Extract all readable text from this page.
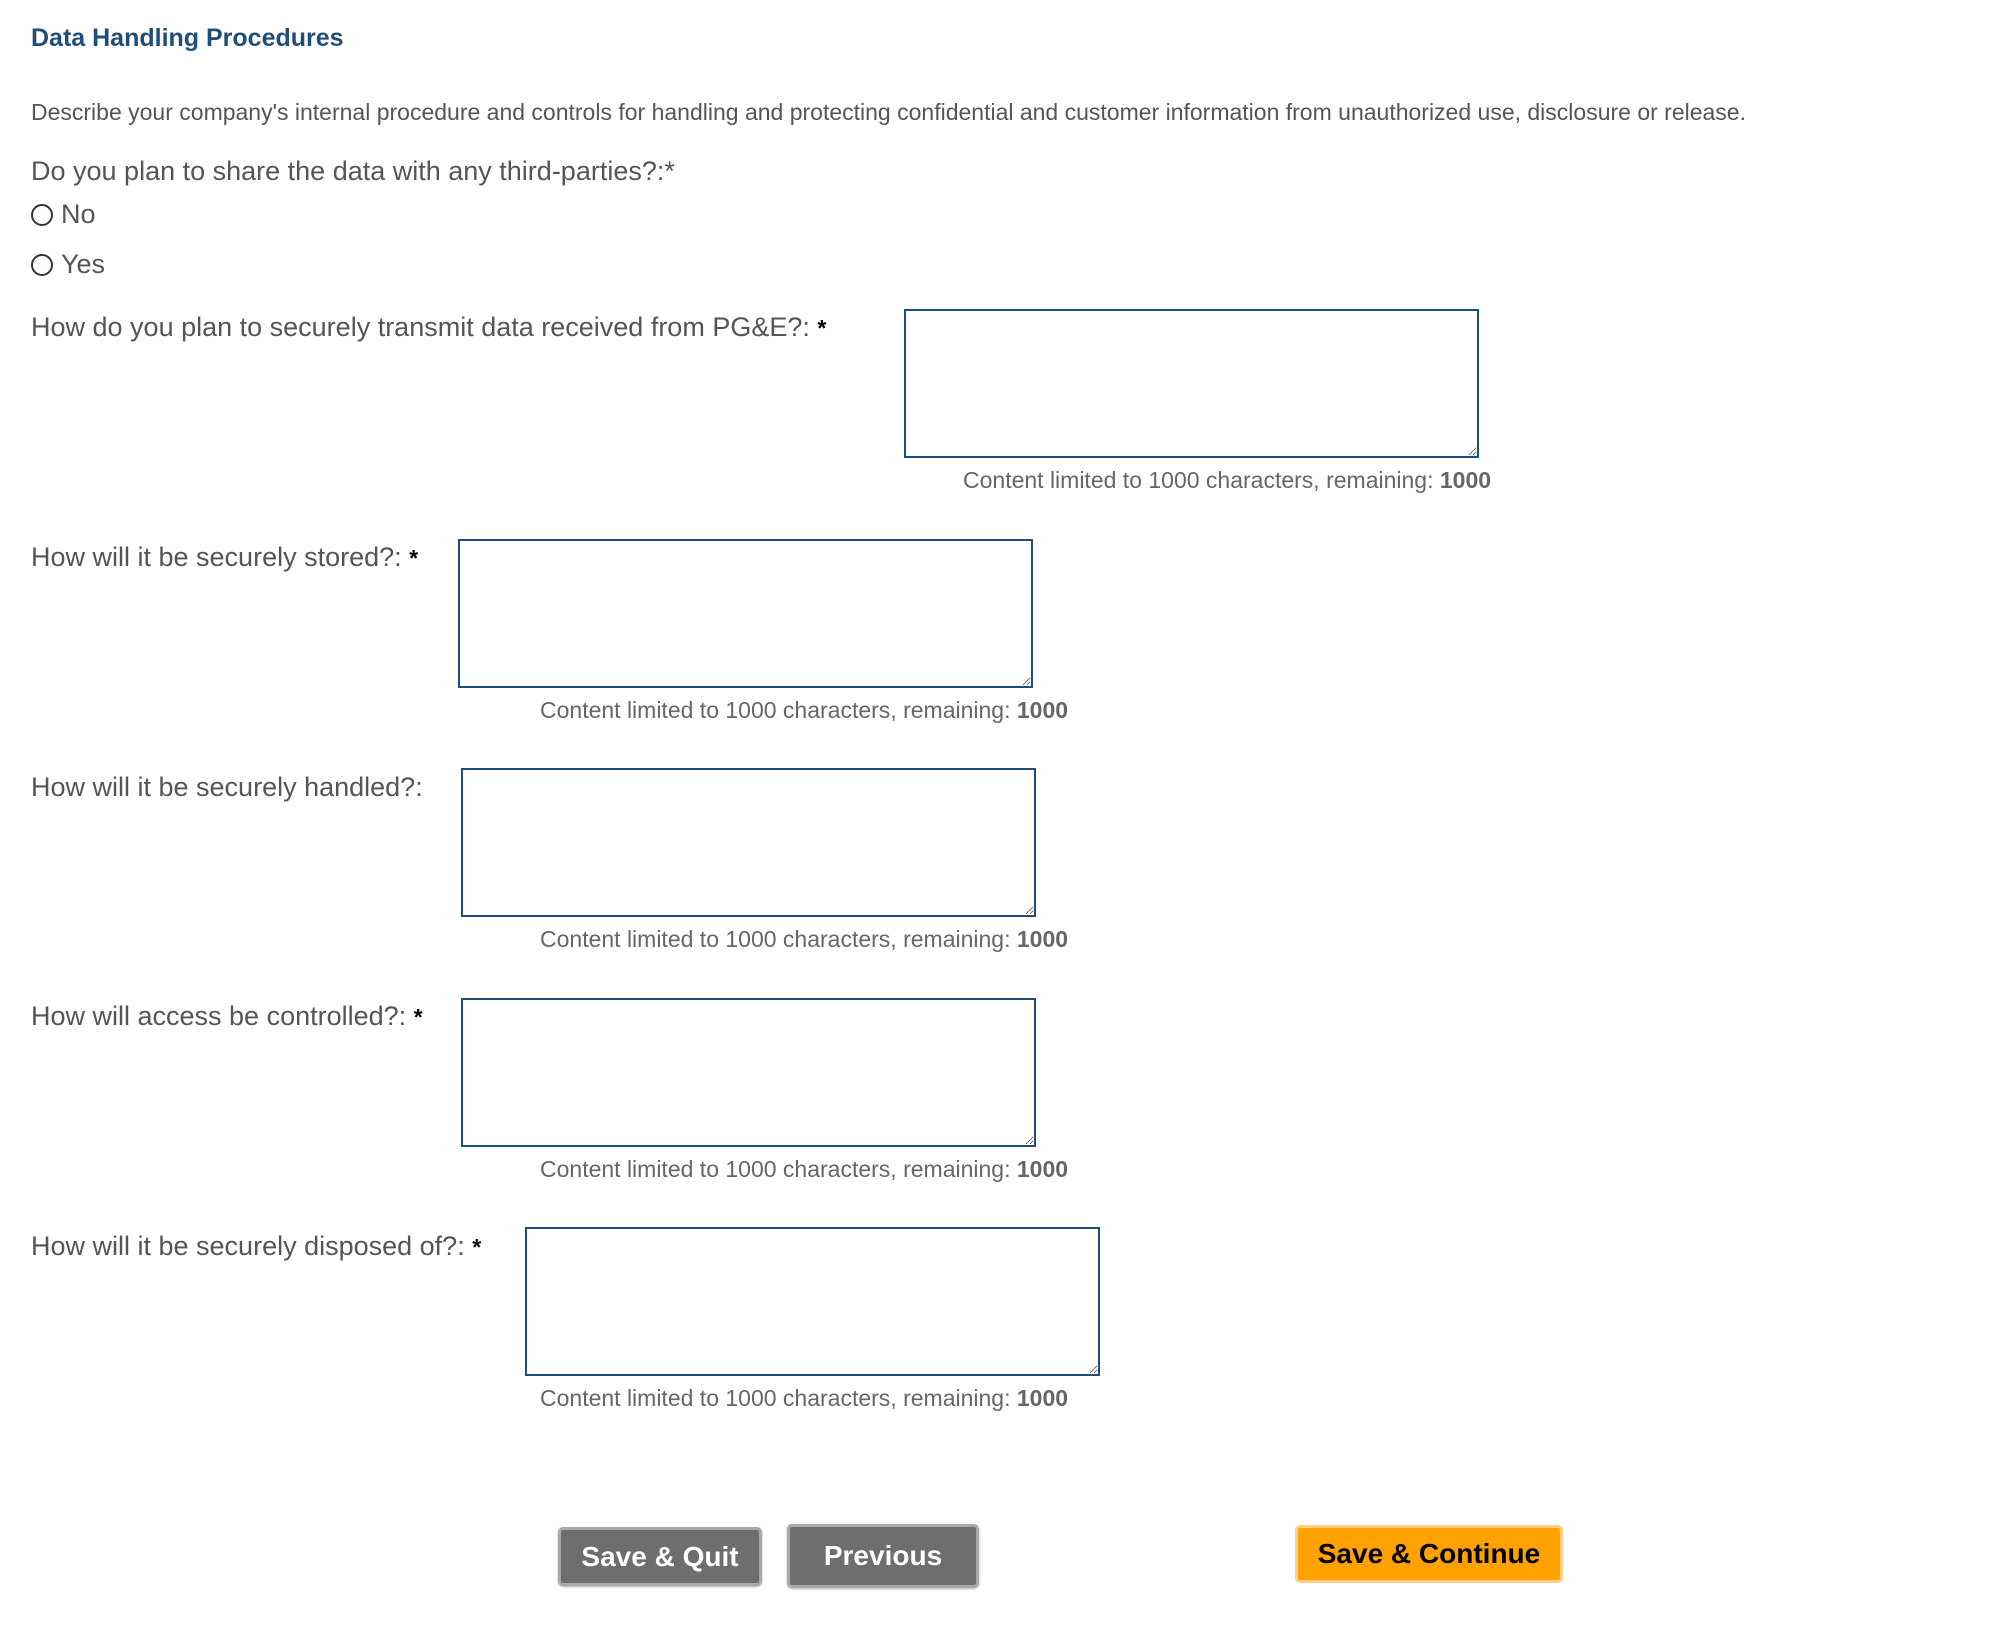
Data Handling Procedures
Describe your company's internal procedure and controls for handling and protecting confidential and customer information from unauthorized use, disclosure or release.
Do you plan to share the data with any third-parties?:*
No
Yes
How do you plan to securely transmit data received from PG&E?: *
Content limited to 1000 characters, remaining: 1000
How will it be securely stored?: *
Content limited to 1000 characters, remaining: 1000
How will it be securely handled?:
Content limited to 1000 characters, remaining: 1000
How will access be controlled?: *
Content limited to 1000 characters, remaining: 1000
How will it be securely disposed of?: *
Content limited to 1000 characters, remaining: 1000
Save & Quit	Previous	Save & Continue
